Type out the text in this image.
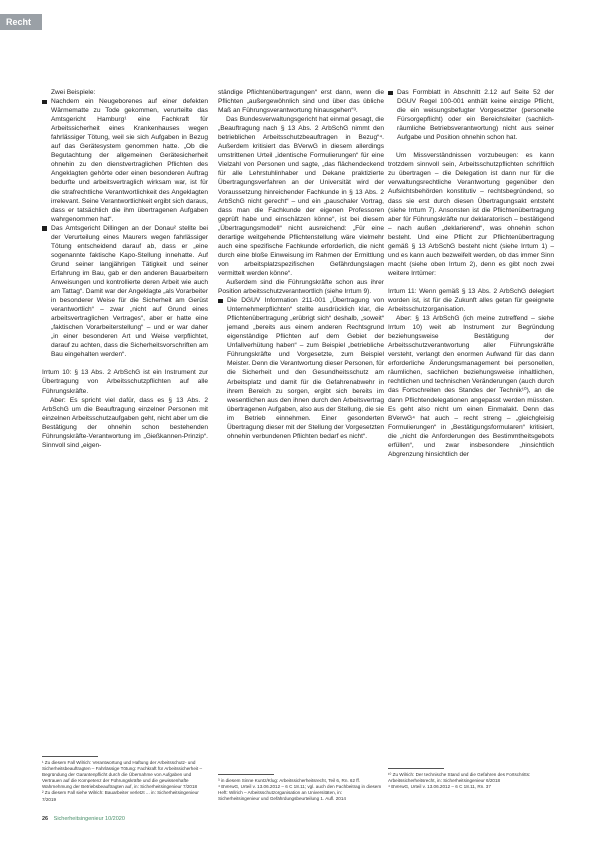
Recht

Zwei Beispiele:

Nachdem ein Neugeborenes auf einer defekten Wärmematte zu Tode gekommen, verurteilte das Amtsgericht Hamburg¹ eine Fachkraft für Arbeitssicherheit eines Krankenhauses wegen fahrlässiger Tötung, weil sie sich Aufgaben in Bezug auf das Gerätesystem genommen hatte. „Ob die Begutachtung der allgemeinen Gerätesicherheit ohnehin zu den dienstvertraglichen Pflichten des Angeklagten gehörte oder einen besonderen Auftrag bedurfte und arbeitsvertraglich wirksam war, ist für die strafrechtliche Verantwortlichkeit des Angeklagten irrelevant. Seine Verantwortlichkeit ergibt sich daraus, dass er tatsächlich die ihm übertragenen Aufgaben wahrgenommen hat“.
Das Amtsgericht Dillingen an der Donau² stellte bei der Verurteilung eines Maurers wegen fahrlässiger Tötung entscheidend darauf ab, dass er „eine sogenannte faktische Kapo-Stellung innehatte. Auf Grund seiner langjährigen Tätigkeit und seiner Erfahrung im Bau, gab er den anderen Bauarbeitern Anweisungen und kontrollierte deren Arbeit wie auch am Tattag“. Damit war der Angeklagte „als Vorarbeiter in besonderer Weise für die Sicherheit am Gerüst verantwortlich“ – zwar „nicht auf Grund eines arbeitsvertraglichen Vertrages“, aber er hatte eine „faktischen Vorarbeiterstellung“ – und er war daher „in einer besonderen Art und Weise verpflichtet, darauf zu achten, dass die Sicherheitsvorschriften am Bau eingehalten werden“.

Irrtum 10: § 13 Abs. 2 ArbSchG ist ein Instrument zur Übertragung von Arbeitsschutzpflichten auf alle Führungskräfte.

Aber: Es spricht viel dafür, dass es § 13 Abs. 2 ArbSchG um die Beauftragung einzelner Personen mit einzelnen Arbeitsschutzaufgaben geht, nicht aber um die Bestätigung der ohnehin schon bestehenden Führungskräfte-Verantwortung im „Gießkannen-Prinzip“. Sinnvoll sind „eigen-

ständige Pflichtenübertragungen“ erst dann, wenn die Pflichten „außergewöhnlich sind und über das übliche Maß an Führungsverantwortung hinausgehen“³.

Das Bundesverwaltungsgericht hat einmal gesagt, die „Beauftragung nach § 13 Abs. 2 ArbSchG nimmt den betrieblichen Arbeitsschutzbeauftragen in Bezug“⁴. Außerdem kritisiert das BVerwG in diesem allerdings umstrittenen Urteil „identische Formulierungen“ für eine Vielzahl von Personen und sagte, „das flächendeckend für alle Lehrstuhlinhaber und Dekane praktizierte Übertragungsverfahren an der Universität wird der Voraussetzung hinreichender Fachkunde in § 13 Abs. 2 ArbSchG nicht gerecht“ – und ein „pauschaler Vortrag, dass man die Fachkunde der eigenen Professoren geprüft habe und einschätzen könne“, ist bei diesem „Übertragungsmodell“ nicht ausreichend: „Für eine derartige weitgehende Pflichtenstellung wäre vielmehr auch eine spezifische Fachkunde erforderlich, die nicht durch eine bloße Einweisung im Rahmen der Ermittlung von arbeitsplatzspezifischen Gefährdungslagen vermittelt werden könne“.

Außerdem sind die Führungskräfte schon aus ihrer Position arbeitsschutzverantwortlich (siehe Irrtum 9).

Die DGUV Information 211-001 „Übertragung von Unternehmerpflichten“ stellte ausdrücklich klar, die Pflichtenübertragung „erübrigt sich“ deshalb, „soweit“ jemand „bereits aus einem anderen Rechtsgrund eigenständige Pflichten auf dem Gebiet der Unfallverhütung haben“ – zum Beispiel „betriebliche Führungskräfte und Vorgesetzte, zum Beispiel Meister. Denn die Verantwortung dieser Personen, für die Sicherheit und den Gesundheitsschutz am Arbeitsplatz und damit für die Gefahrenabwehr in ihrem Bereich zu sorgen, ergibt sich bereits im wesentlichen aus den ihnen durch den Arbeitsvertrag übertragenen Aufgaben, also aus der Stellung, die sie im Betrieb einnehmen. Einer gesonderten Übertragung dieser mit der Stellung der Vorgesetzten ohnehin verbundenen Pflichten bedarf es nicht“.
Das Formblatt in Abschnitt 2.12 auf Seite 52 der DGUV Regel 100-001 enthält keine einzige Pflicht, die ein weisungsbefugter Vorgesetzter (personelle Fürsorgepflicht) oder ein Bereichsleiter (sachlich-räumliche Betriebsverantwortung) nicht aus seiner Aufgabe und Position ohnehin schon hat.

Um Missverständnissen vorzubeugen: es kann trotzdem sinnvoll sein, Arbeitsschutzpflichten schriftlich zu übertragen – die Delegation ist dann nur für die verwaltungsrechtliche Verantwortung gegenüber den Aufsichtsbehörden konstitutiv – rechtsbegründend, so dass sie erst durch diesen Übertragungsakt entsteht (siehe Irrtum 7). Ansonsten ist die Pflichtenübertragung aber für Führungskräfte nur deklaratorisch – bestätigend – nach außen „deklarierend“, was ohnehin schon besteht. Und eine Pflicht zur Pflichtenübertragung gemäß § 13 ArbSchG besteht nicht (siehe Irrtum 1) – und es kann auch bezweifelt werden, ob das immer Sinn macht (siehe oben Irrtum 2), denn es gibt noch zwei weitere Irrtümer:

Irrtum 11: Wenn gemäß § 13 Abs. 2 ArbSchG delegiert worden ist, ist für die Zukunft alles getan für geeignete Arbeitsschutzorganisation.

Aber: § 13 ArbSchG (ich meine zutreffend – siehe Irrtum 10) weit ab Instrument zur Begründung beziehungsweise Bestätigung der Arbeitsschutzverantwortung aller Führungskräfte versteht, verlangt den enormen Aufwand für das dann erforderliche Änderungsmanagement bei personellen, räumlichen, sachlichen beziehungsweise inhaltlichen, rechtlichen und technischen Veränderungen (auch durch das Fortschreiten des Standes der Technik¹⁰), an die dann Pflichtendelegationen angepasst werden müssten. Es geht also nicht um einen Einmalakt. Denn das BVerwG⁴ hat auch – recht streng – „gleichgleisig Formulierungen“ in „Bestätigungsformularen“ kritisiert, die „nicht die Anforderungen des Bestimmtheitsgebots erfüllen“, und zwar insbesondere „hinsichtlich Abgrenzung hinsichtlich der

¹ Zu diesem Fall Wilrich: Verantwortung und Haftung der Arbeitsschutz- und Sicherheitsbeauftragten – Fahrlässige Tötung: Fachkraft für Arbeitssicherheit – Begründung der Garantenpflicht durch die Übernahme von Aufgaben und Vertrauen auf die Kompetenz der Führungskräfte und die gewissenhafte Wahrnehmung der Betriebsbeauftragten auf, in: Sicherheitsingenieur 7/2018

² Zu diesem Fall siehe Wilrich: Bauarbeiter verletzt ... in: Sicherheitsingenieur 7/2019

³ in diesem Sinne Kuntz/Klug: Arbeitssicherheitsrecht, Teil 6, Rn. 62 ff.

⁴ BVerwG, Urteil v. 13.06.2012 – 6 C 18.11; vgl. auch den Fachbeitrag in diesem Heft: Wilrich – Arbeitsschutzorganisation an Universitäten, in: Sicherheitsingenieur und Gefährdungsbeurteilung 1. Aufl. 2014

¹⁰ Zu Wilrich: Der technische Stand und die Gefahren des Fortschritts: Arbeitssicherheitsrecht, in: Sicherheitsingenieur 6/2018

⁴ BVerwG, Urteil v. 13.06.2012 – 6 C 18.11, Rn. 37

26 Sicherheitsingenieur 10/2020
